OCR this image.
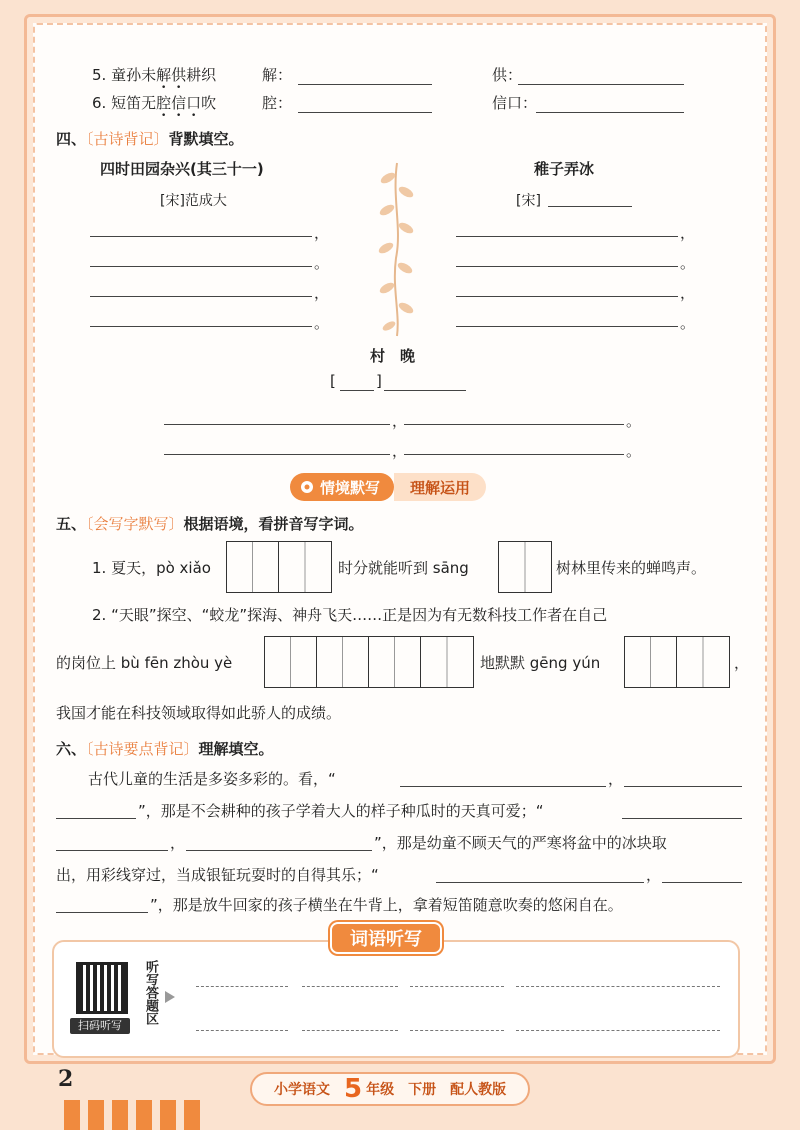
5. 童孙未解供耕织	解：	供：
6. 短笛无腔信口吹	腔：	信口：
四、〔古诗背记〕背默填空。
四时田园杂兴(其三十一)
[宋]范成大
稚子弄冰
[宋]
，
。
，
。
，
。
，
。
村　晚
[	]
，	。
，	。
情境默写	理解运用
五、〔会写字默写〕根据语境，看拼音写字词。
1. 夏天，pò xiǎo	时分就能听到 sāng	树林里传来的蝉鸣声。
2. “天眼”探空、“蛟龙”探海、神舟飞天……正是因为有无数科技工作者在自己
的岗位上 bù fēn zhòu yè	地默默 gēng yún	，
我国才能在科技领域取得如此骄人的成绩。
六、〔古诗要点背记〕理解填空。
古代儿童的生活是多姿多彩的。看，“	，
”，那是不会耕种的孩子学着大人的样子种瓜时的天真可爱；“
，	”，那是幼童不顾天气的严寒将盆中的冰块取
出，用彩线穿过，当成银钲玩耍时的自得其乐；“	，
”，那是放牛回家的孩子横坐在牛背上，拿着短笛随意吹奏的悠闲自在。
词语听写
扫码听写
听写答题区
2	小学语文 5 年级 下册 配人教版
